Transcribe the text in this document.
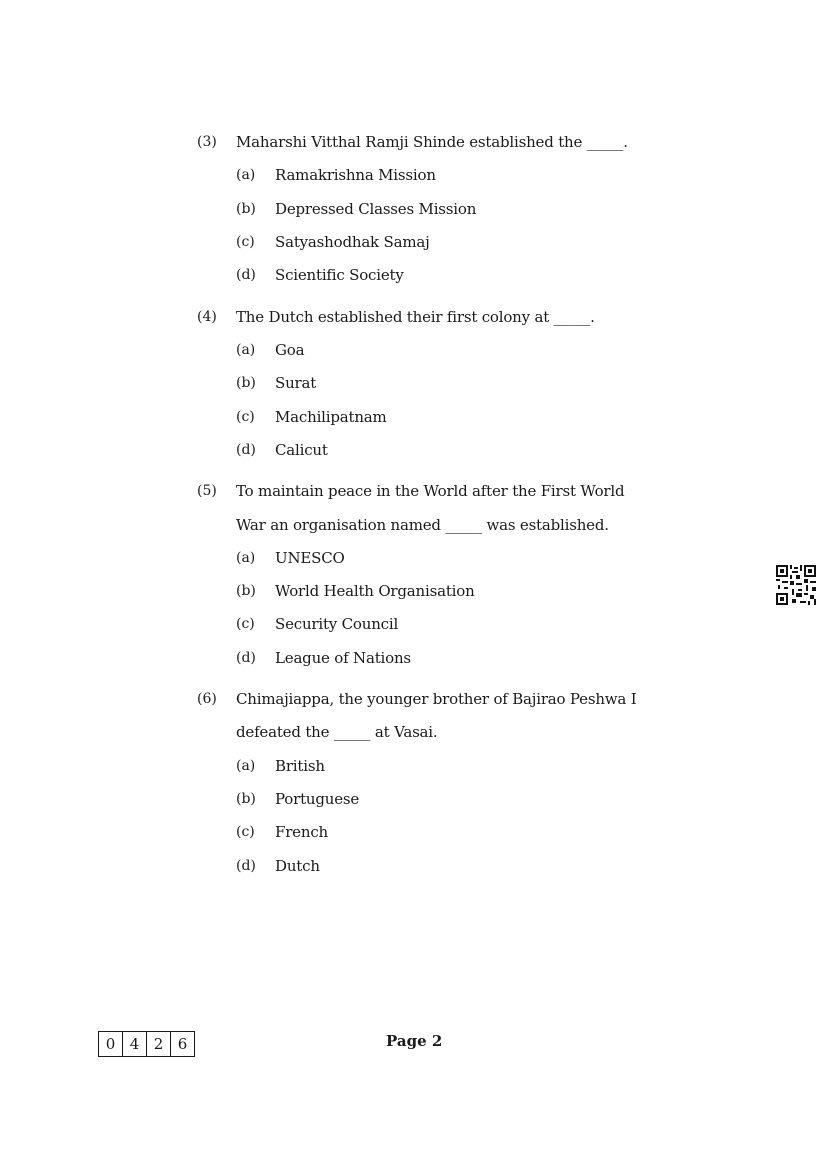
(3) Maharshi Vitthal Ramji Shinde established the _____.
(a) Ramakrishna Mission
(b) Depressed Classes Mission
(c) Satyashodhak Samaj
(d) Scientific Society
(4) The Dutch established their first colony at _____.
(a) Goa
(b) Surat
(c) Machilipatnam
(d) Calicut
(5) To maintain peace in the World after the First World
War an organisation named _____ was established.
(a) UNESCO
(b) World Health Organisation
(c) Security Council
(d) League of Nations
(6) Chimajiappa, the younger brother of Bajirao Peshwa I
defeated the _____ at Vasai.
(a) British
(b) Portuguese
(c) French
(d) Dutch
0 4 2 6	Page 2
